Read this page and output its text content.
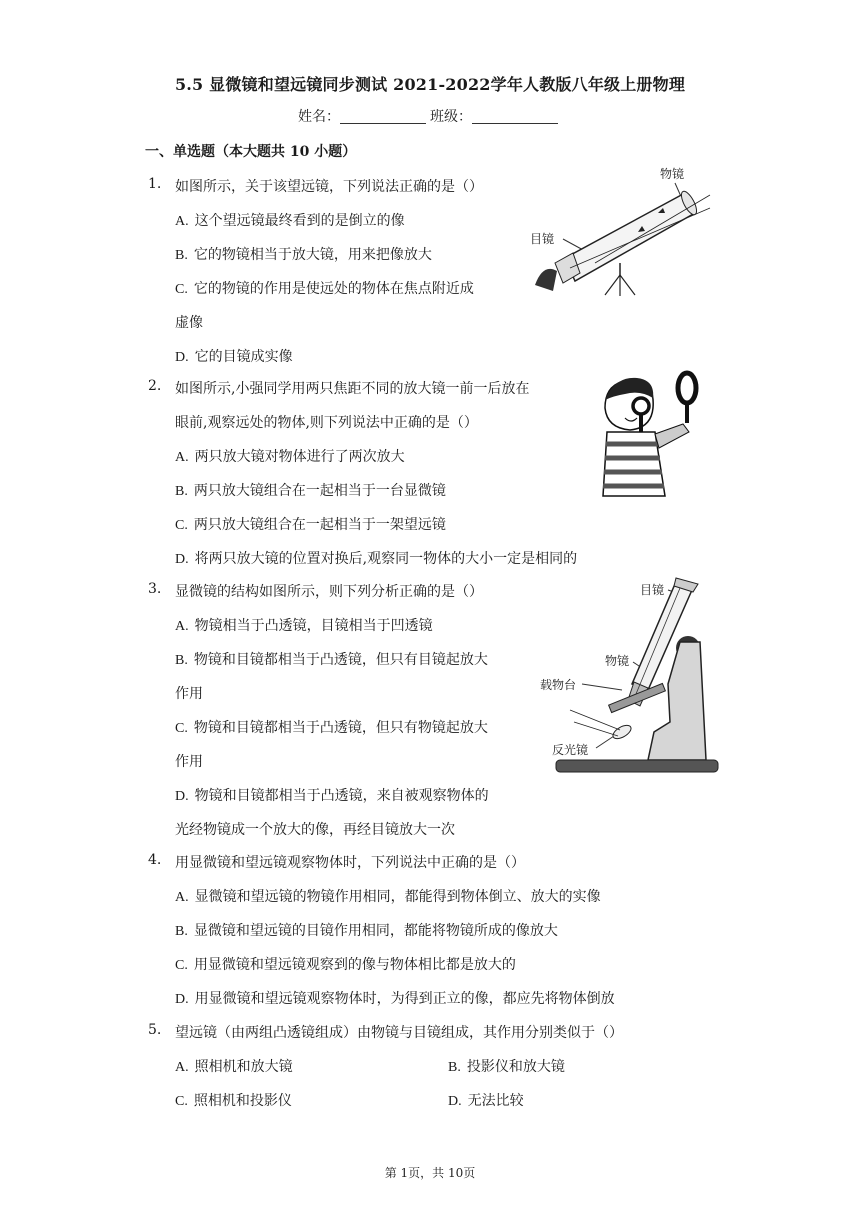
5.5 显微镜和望远镜同步测试 2021-2022学年人教版八年级上册物理
姓名：	班级：
一、单选题（本大题共 10 小题）
1. 如图所示，关于该望远镜，下列说法正确的是（）
A. 这个望远镜最终看到的是倒立的像
B. 它的物镜相当于放大镜，用来把像放大
C. 它的物镜的作用是使远处的物体在焦点附近成
虚像
D. 它的目镜成实像
物镜
目镜
2. 如图所示,小强同学用两只焦距不同的放大镜一前一后放在
眼前,观察远处的物体,则下列说法中正确的是（）
A. 两只放大镜对物体进行了两次放大
B. 两只放大镜组合在一起相当于一台显微镜
C. 两只放大镜组合在一起相当于一架望远镜
D. 将两只放大镜的位置对换后,观察同一物体的大小一定是相同的
3. 显微镜的结构如图所示，则下列分析正确的是（）
A. 物镜相当于凸透镜，目镜相当于凹透镜
B. 物镜和目镜都相当于凸透镜，但只有目镜起放大
作用
C. 物镜和目镜都相当于凸透镜，但只有物镜起放大
作用
D. 物镜和目镜都相当于凸透镜，来自被观察物体的
光经物镜成一个放大的像，再经目镜放大一次
目镜
物镜
载物台
反光镜
4. 用显微镜和望远镜观察物体时，下列说法中正确的是（）
A. 显微镜和望远镜的物镜作用相同，都能得到物体倒立、放大的实像
B. 显微镜和望远镜的目镜作用相同，都能将物镜所成的像放大
C. 用显微镜和望远镜观察到的像与物体相比都是放大的
D. 用显微镜和望远镜观察物体时，为得到正立的像，都应先将物体倒放
5. 望远镜（由两组凸透镜组成）由物镜与目镜组成，其作用分别类似于（）
A. 照相机和放大镜	B. 投影仪和放大镜
C. 照相机和投影仪	D. 无法比较
第 1页，共 10页
